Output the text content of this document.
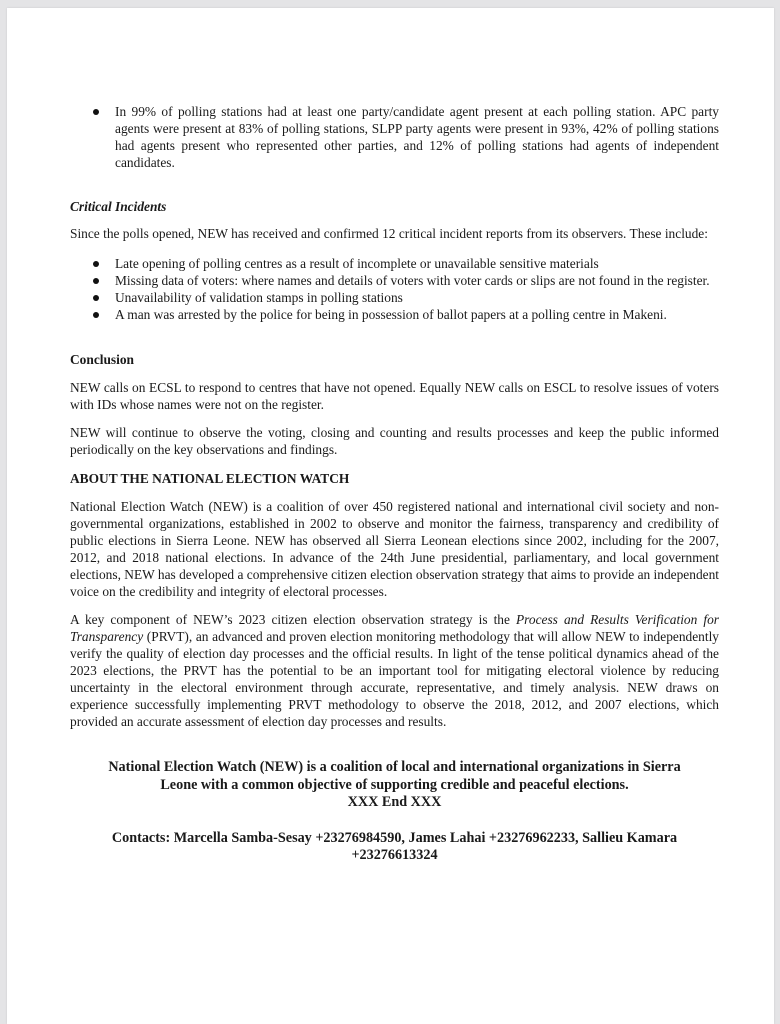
In 99% of polling stations had at least one party/candidate agent present at each polling station. APC party agents were present at 83% of polling stations, SLPP party agents were present in 93%, 42% of polling stations had agents present who represented other parties, and 12% of polling stations had agents of independent candidates.

Critical Incidents

Since the polls opened, NEW has received and confirmed 12 critical incident reports from its observers. These include:

Late opening of polling centres as a result of incomplete or unavailable sensitive materials
Missing data of voters: where names and details of voters with voter cards or slips are not found in the register.
Unavailability of validation stamps in polling stations
A man was arrested by the police for being in possession of ballot papers at a polling centre in Makeni.

Conclusion

NEW calls on ECSL to respond to centres that have not opened. Equally NEW calls on ESCL to resolve issues of voters with IDs whose names were not on the register.

NEW will continue to observe the voting, closing and counting and results processes and keep the public informed periodically on the key observations and findings.

ABOUT THE NATIONAL ELECTION WATCH

National Election Watch (NEW) is a coalition of over 450 registered national and international civil society and non-governmental organizations, established in 2002 to observe and monitor the fairness, transparency and credibility of public elections in Sierra Leone. NEW has observed all Sierra Leonean elections since 2002, including for the 2007, 2012, and 2018 national elections. In advance of the 24th June presidential, parliamentary, and local government elections, NEW has developed a comprehensive citizen election observation strategy that aims to provide an independent voice on the credibility and integrity of electoral processes.

A key component of NEW’s 2023 citizen election observation strategy is the Process and Results Verification for Transparency (PRVT), an advanced and proven election monitoring methodology that will allow NEW to independently verify the quality of election day processes and the official results. In light of the tense political dynamics ahead of the 2023 elections, the PRVT has the potential to be an important tool for mitigating electoral violence by reducing uncertainty in the electoral environment through accurate, representative, and timely analysis. NEW draws on experience successfully implementing PRVT methodology to observe the 2018, 2012, and 2007 elections, which provided an accurate assessment of election day processes and results.

National Election Watch (NEW) is a coalition of local and international organizations in Sierra
Leone with a common objective of supporting credible and peaceful elections.
XXX End XXX
Contacts: Marcella Samba-Sesay +23276984590, James Lahai +23276962233, Sallieu Kamara
+23276613324
